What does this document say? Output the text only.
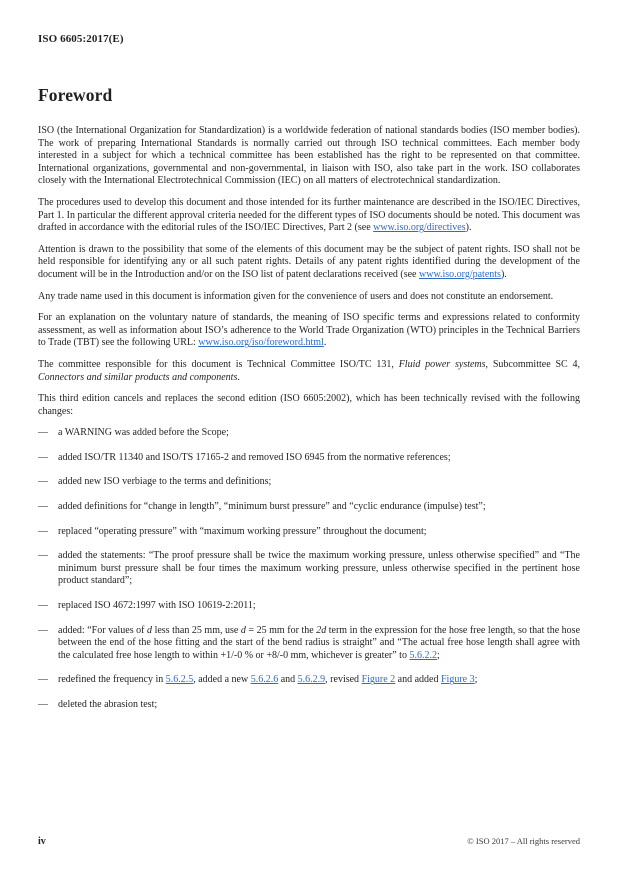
ISO 6605:2017(E)
Foreword

ISO (the International Organization for Standardization) is a worldwide federation of national standards bodies (ISO member bodies). The work of preparing International Standards is normally carried out through ISO technical committees. Each member body interested in a subject for which a technical committee has been established has the right to be represented on that committee. International organizations, governmental and non-governmental, in liaison with ISO, also take part in the work. ISO collaborates closely with the International Electrotechnical Commission (IEC) on all matters of electrotechnical standardization.

The procedures used to develop this document and those intended for its further maintenance are described in the ISO/IEC Directives, Part 1. In particular the different approval criteria needed for the different types of ISO documents should be noted. This document was drafted in accordance with the editorial rules of the ISO/IEC Directives, Part 2 (see www.iso.org/directives).

Attention is drawn to the possibility that some of the elements of this document may be the subject of patent rights. ISO shall not be held responsible for identifying any or all such patent rights. Details of any patent rights identified during the development of the document will be in the Introduction and/or on the ISO list of patent declarations received (see www.iso.org/patents).

Any trade name used in this document is information given for the convenience of users and does not constitute an endorsement.

For an explanation on the voluntary nature of standards, the meaning of ISO specific terms and expressions related to conformity assessment, as well as information about ISO’s adherence to the World Trade Organization (WTO) principles in the Technical Barriers to Trade (TBT) see the following URL: www.iso.org/iso/foreword.html.

The committee responsible for this document is Technical Committee ISO/TC 131, Fluid power systems, Subcommittee SC 4, Connectors and similar products and components.

This third edition cancels and replaces the second edition (ISO 6605:2002), which has been technically revised with the following changes:

— a WARNING was added before the Scope;

— added ISO/TR 11340 and ISO/TS 17165-2 and removed ISO 6945 from the normative references;

— added new ISO verbiage to the terms and definitions;

— added definitions for “change in length”, “minimum burst pressure” and “cyclic endurance (impulse) test”;

— replaced “operating pressure” with “maximum working pressure” throughout the document;

— added the statements: “The proof pressure shall be twice the maximum working pressure, unless otherwise specified” and “The minimum burst pressure shall be four times the maximum working pressure, unless otherwise specified in the pertinent hose product standard”;

— replaced ISO 4672:1997 with ISO 10619-2:2011;

— added: “For values of d less than 25 mm, use d = 25 mm for the 2d term in the expression for the hose free length, so that the hose between the end of the hose fitting and the start of the bend radius is straight” and “The actual free hose length shall agree with the calculated free hose length to within +1/-0 % or +8/-0 mm, whichever is greater” to 5.6.2.2;

— redefined the frequency in 5.6.2.5, added a new 5.6.2.6 and 5.6.2.9, revised Figure 2 and added Figure 3;

— deleted the abrasion test;

iv	© ISO 2017 – All rights reserved
